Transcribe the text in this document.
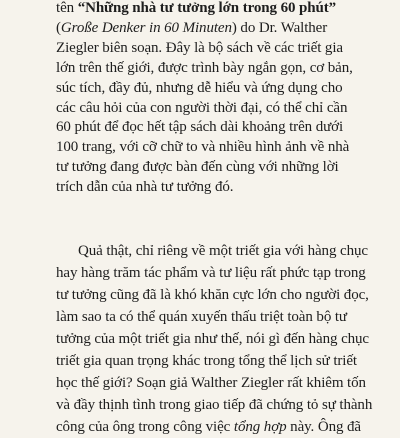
tên “Những nhà tư tưởng lớn trong 60 phút”
(Große Denker in 60 Minuten) do Dr. Walther
Ziegler biên soạn. Đây là bộ sách về các triết gia
lớn trên thế giới, được trình bày ngắn gọn, cơ bản,
súc tích, đầy đủ, nhưng dễ hiểu và ứng dụng cho
các câu hỏi của con người thời đại, có thể chỉ cần
60 phút để đọc hết tập sách dài khoảng trên dưới
100 trang, với cỡ chữ to và nhiều hình ảnh về nhà
tư tưởng đang được bàn đến cùng với những lời
trích dẫn của nhà tư tưởng đó.
Quả thật, chỉ riêng về một triết gia với hàng chục
hay hàng trăm tác phẩm và tư liệu rất phức tạp trong
tư tưởng cũng đã là khó khăn cực lớn cho người đọc,
làm sao ta có thể quán xuyến thấu triệt toàn bộ tư
tưởng của một triết gia như thế, nói gì đến hàng chục
triết gia quan trọng khác trong tổng thể lịch sử triết
học thế giới? Soạn giả Walther Ziegler rất khiêm tốn
và đầy thịnh tình trong giao tiếp đã chứng tỏ sự thành
công của ông trong công việc tổng hợp này. Ông đã
